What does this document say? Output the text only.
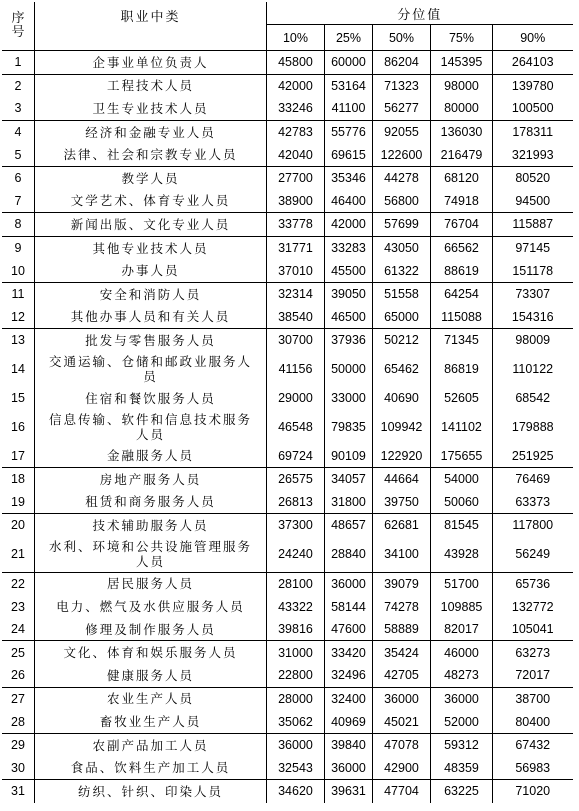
序号	职业中类	分位值				
		10%	25%	50%	75%	90%
1	企事业单位负责人	45800	60000	86204	145395	264103
2	工程技术人员	42000	53164	71323	98000	139780
3	卫生专业技术人员	33246	41100	56277	80000	100500
4	经济和金融专业人员	42783	55776	92055	136030	178311
5	法律、社会和宗教专业人员	42040	69615	122600	216479	321993
6	教学人员	27700	35346	44278	68120	80520
7	文学艺术、体育专业人员	38900	46400	56800	74918	94500
8	新闻出版、文化专业人员	33778	42000	57699	76704	115887
9	其他专业技术人员	31771	33283	43050	66562	97145
10	办事人员	37010	45500	61322	88619	151178
11	安全和消防人员	32314	39050	51558	64254	73307
12	其他办事人员和有关人员	38540	46500	65000	115088	154316
13	批发与零售服务人员	30700	37936	50212	71345	98009
14	交通运输、仓储和邮政业服务人员	41156	50000	65462	86819	110122
15	住宿和餐饮服务人员	29000	33000	40690	52605	68542
16	信息传输、软件和信息技术服务人员	46548	79835	109942	141102	179888
17	金融服务人员	69724	90109	122920	175655	251925
18	房地产服务人员	26575	34057	44664	54000	76469
19	租赁和商务服务人员	26813	31800	39750	50060	63373
20	技术辅助服务人员	37300	48657	62681	81545	117800
21	水利、环境和公共设施管理服务人员	24240	28840	34100	43928	56249
22	居民服务人员	28100	36000	39079	51700	65736
23	电力、燃气及水供应服务人员	43322	58144	74278	109885	132772
24	修理及制作服务人员	39816	47600	58889	82017	105041
25	文化、体育和娱乐服务人员	31000	33420	35424	46000	63273
26	健康服务人员	22800	32496	42705	48273	72017
27	农业生产人员	28000	32400	36000	36000	38700
28	畜牧业生产人员	35062	40969	45021	52000	80400
29	农副产品加工人员	36000	39840	47078	59312	67432
30	食品、饮料生产加工人员	32543	36000	42900	48359	56983
31	纺织、针织、印染人员	34620	39631	47704	63225	71020
